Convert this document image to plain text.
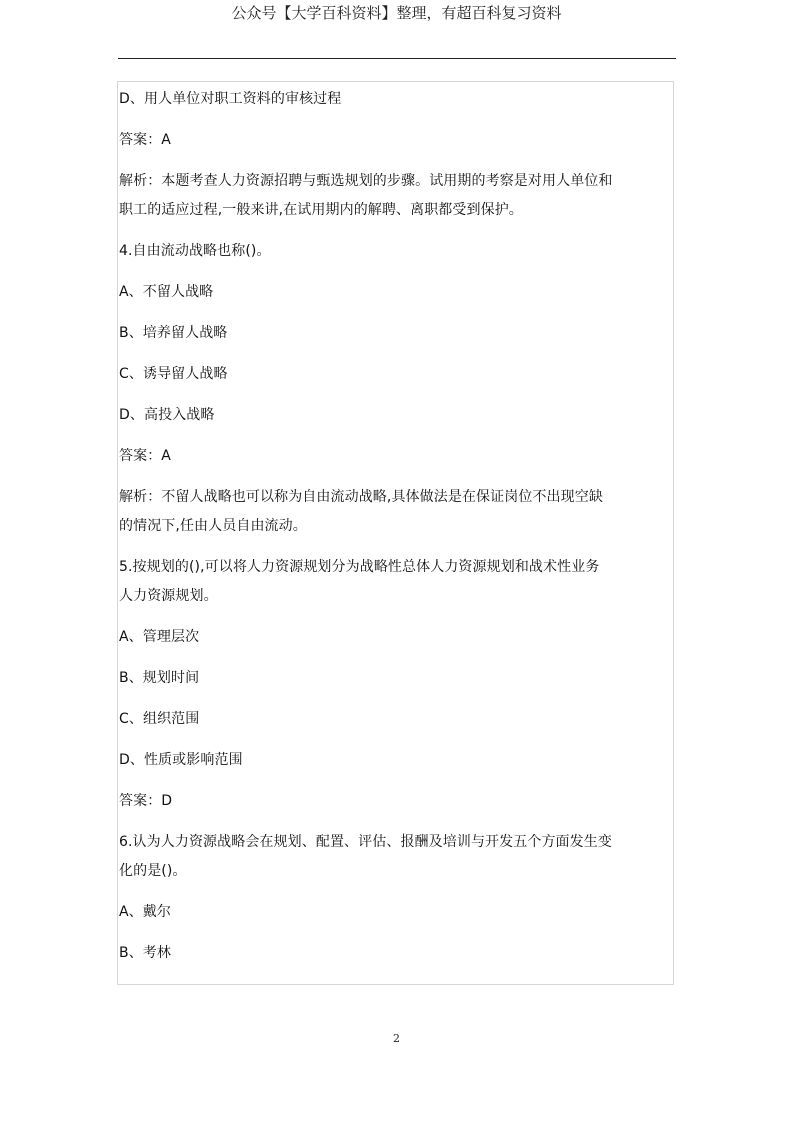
公众号【大学百科资料】整理，有超百科复习资料
D、用人单位对职工资料的审核过程
答案：A
解析：本题考查人力资源招聘与甄选规划的步骤。试用期的考察是对用人单位和
职工的适应过程,一般来讲,在试用期内的解聘、离职都受到保护。
4.自由流动战略也称()。
A、不留人战略
B、培养留人战略
C、诱导留人战略
D、高投入战略
答案：A
解析：不留人战略也可以称为自由流动战略,具体做法是在保证岗位不出现空缺
的情况下,任由人员自由流动。
5.按规划的(),可以将人力资源规划分为战略性总体人力资源规划和战术性业务
人力资源规划。
A、管理层次
B、规划时间
C、组织范围
D、性质或影响范围
答案：D
6.认为人力资源战略会在规划、配置、评估、报酬及培训与开发五个方面发生变
化的是()。
A、戴尔
B、考林
2
